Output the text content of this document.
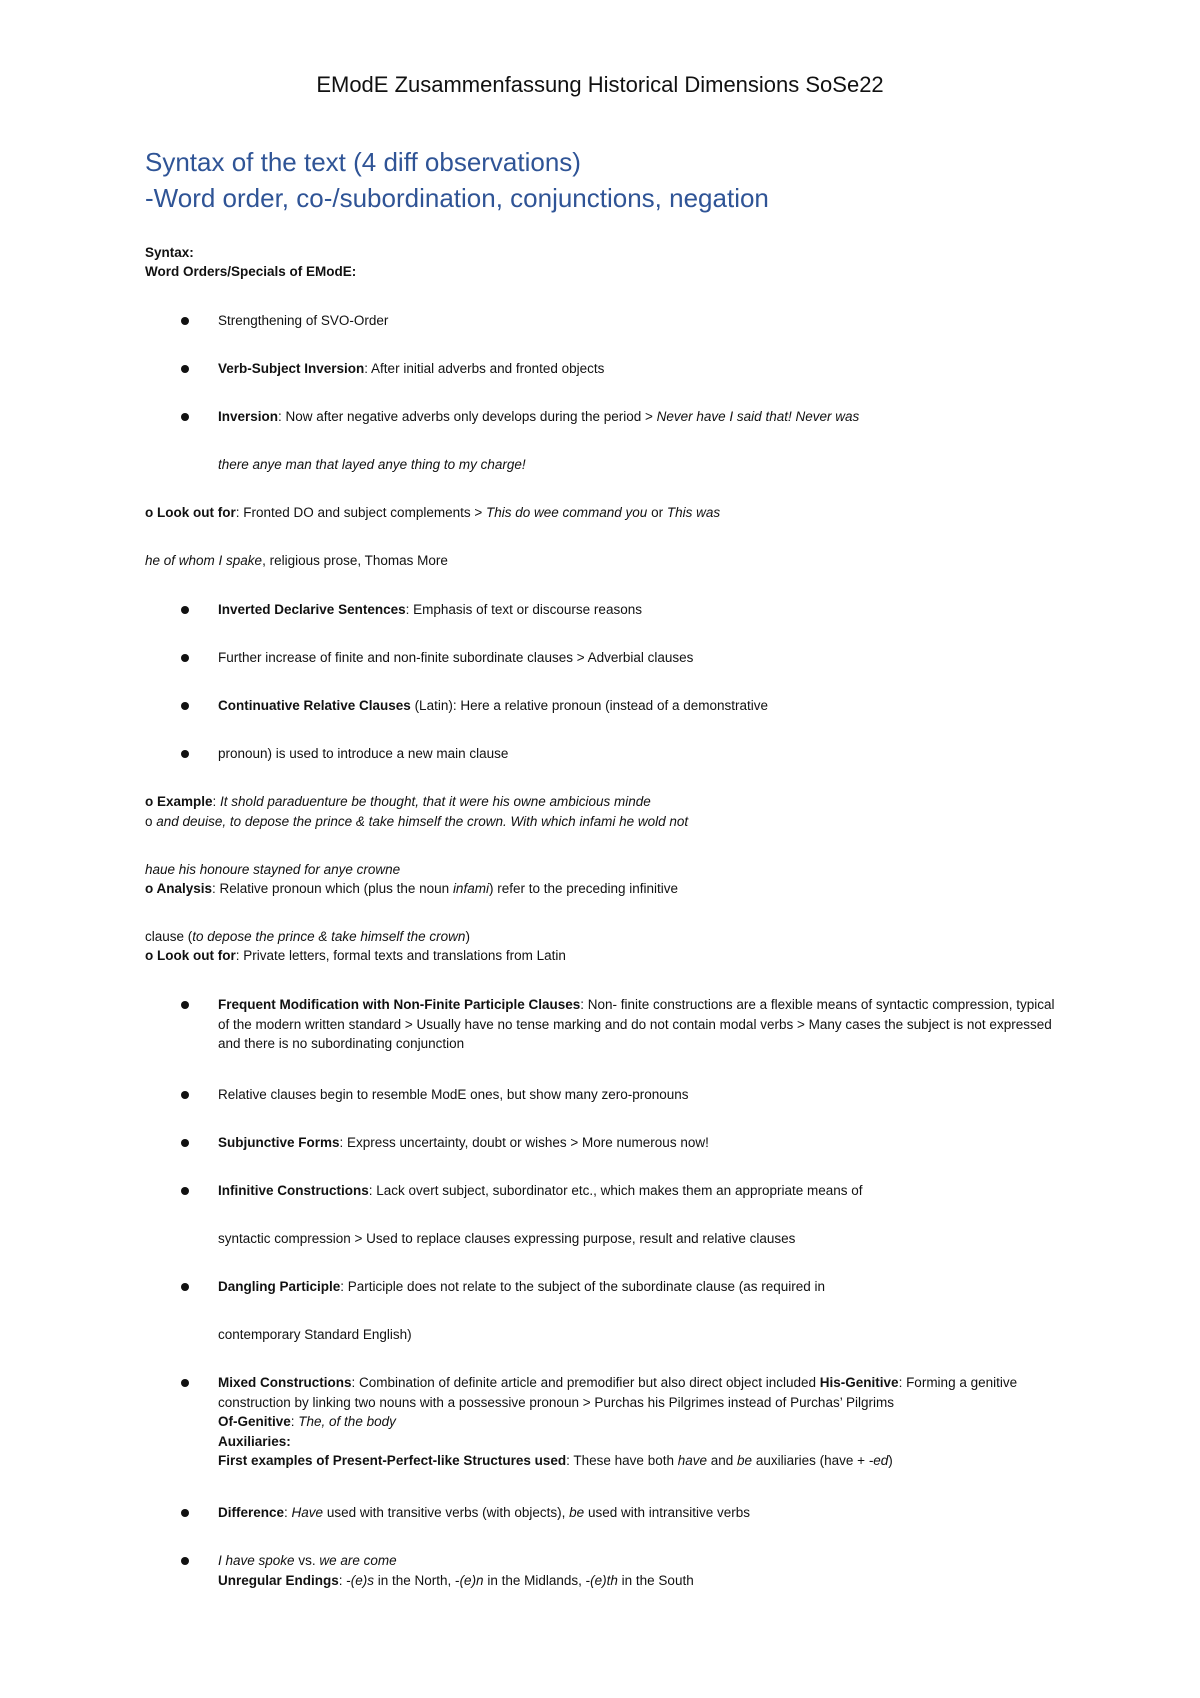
EModE Zusammenfassung Historical Dimensions SoSe22
Syntax of the text (4 diff observations)
-Word order, co-/subordination, conjunctions, negation
Syntax:
Word Orders/Specials of EModE:
Strengthening of SVO-Order
Verb-Subject Inversion: After initial adverbs and fronted objects
Inversion: Now after negative adverbs only develops during the period > Never have I said that! Never was
there anye man that layed anye thing to my charge!
o Look out for: Fronted DO and subject complements > This do wee command you or This was
he of whom I spake, religious prose, Thomas More
Inverted Declarive Sentences: Emphasis of text or discourse reasons
Further increase of finite and non-finite subordinate clauses > Adverbial clauses
Continuative Relative Clauses (Latin): Here a relative pronoun (instead of a demonstrative
pronoun) is used to introduce a new main clause
o Example: It shold paraduenture be thought, that it were his owne ambicious minde
o and deuise, to depose the prince & take himself the crown. With which infami he wold not
haue his honoure stayned for anye crowne
o Analysis: Relative pronoun which (plus the noun infami) refer to the preceding infinitive
clause (to depose the prince & take himself the crown)
o Look out for: Private letters, formal texts and translations from Latin
Frequent Modification with Non-Finite Participle Clauses: Non- finite constructions are a flexible means of syntactic compression, typical of the modern written standard > Usually have no tense marking and do not contain modal verbs > Many cases the subject is not expressed and there is no subordinating conjunction
Relative clauses begin to resemble ModE ones, but show many zero-pronouns
Subjunctive Forms: Express uncertainty, doubt or wishes > More numerous now!
Infinitive Constructions: Lack overt subject, subordinator etc., which makes them an appropriate means of
syntactic compression > Used to replace clauses expressing purpose, result and relative clauses
Dangling Participle: Participle does not relate to the subject of the subordinate clause (as required in
contemporary Standard English)
Mixed Constructions: Combination of definite article and premodifier but also direct object included His-Genitive: Forming a genitive construction by linking two nouns with a possessive pronoun > Purchas his Pilgrimes instead of Purchas’ Pilgrims
Of-Genitive: The, of the body
Auxiliaries:
First examples of Present-Perfect-like Structures used: These have both have and be auxiliaries (have + -ed)
Difference: Have used with transitive verbs (with objects), be used with intransitive verbs
I have spoke vs. we are come
Unregular Endings: -(e)s in the North, -(e)n in the Midlands, -(e)th in the South
